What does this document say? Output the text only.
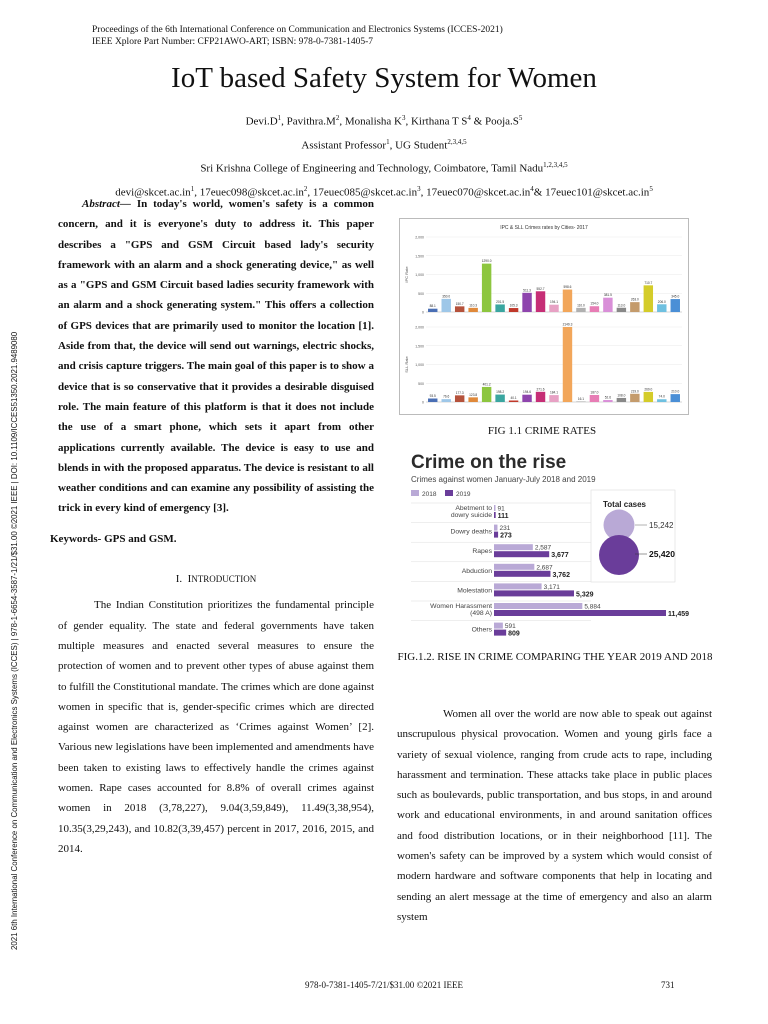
Proceedings of the 6th International Conference on Communication and Electronics Systems (ICCES-2021)
IEEE Xplore Part Number: CFP21AWO-ART; ISBN: 978-0-7381-1405-7
2021 6th International Conference on Communication and Electronics Systems (ICCES) | 978-1-6654-3587-1/21/$31.00 ©2021 IEEE | DOI: 10.1109/ICCES51350.2021.9489080
IoT based Safety System for Women
$Devi.D^1$, $Pavithra.M^2$, Monalisha $K^3$, Kirthana T $S^4$ & $Pooja.S^5$
Assistant Professor$^1$, UG Student$^{2,3,4,5}$
Sri Krishna College of Engineering and Technology, Coimbatore, Tamil Nadu$^{1,2,3,4,5}$
$devi@skcet.ac.in^1$, $17euec098@skcet.ac.in^2$, $17euec085@skcet.ac.in^3$, $17euec070@skcet.ac.in^4\&$ $17euec101@skcet.ac.in^5$

Abstract— In today's world, women's safety is a common concern, and it is everyone's duty to address it. This paper describes a "GPS and GSM Circuit based lady's security framework with an alarm and a shock generating device," as well as a "GPS and GSM Circuit based ladies security framework with an alarm and a shock generating system." This offers a collection of GPS devices that are primarily used to monitor the location [1]. Aside from that, the device will send out warnings, electric shocks, and crisis capture triggers. The main goal of this paper is to show a device that is so conservative that it provides a desirable disguised role. The main feature of this platform is that it does not include the use of a smart phone, which sets it apart from other applications currently available. The device is easy to use and blends in with the proposed apparatus. The device is resistant to all weather conditions and can examine any possibility of assisting the trick in every kind of emergency [3].

Keywords- GPS and GSM.
I. INTRODUCTION

The Indian Constitution prioritizes the fundamental principle of gender equality. The state and federal governments have taken multiple measures and enacted several measures to ensure the protection of women and to prevent other types of abuse against them to fulfill the Constitutional mandate. The crimes which are done against women in specific that is, gender-specific crimes which are directed against women are characterized as ‘Crimes against Women’ [2]. Various new legislations have been implemented and amendments have been taken to existing laws to effectively handle the crimes against women. Rape cases accounted for 8.8% of overall crimes against women in 2018 (3,78,227), 9.04(3,59,849), 11.49(3,38,954), 10.35(3,29,243), and 10.82(3,39,457) percent in 2017, 2016, 2015, and 2014.

IPC & SLL Crimes rates by Cities- 2017
0
500
1,000
1,500
2,000
IPC Rate
88.1
350.0
150.7 110.3
1290.0
201.5
105.3
511.3 552.7
194.1
598.6
110.0 154.0
381.5
113.0
263.0
710.7
206.0
345.0
0
500
1,000
1,500
2,000
SLL Rate
93.5 76.6
177.3
123.8
401.2
198.2
40.1
194.6
271.6
184.1
2149.3
16.1
187.0
52.6
108.0
219.0 269.0
74.0
210.0
FIG 1.1 CRIME RATES
Crime on the rise
Crimes against women January-July 2018 and 2019
2018	2019
Abetment to
dowry suicide
91
111
Dowry deaths 231
273
Rapes	2,587
3,677
Abduction	2,687
3,762
Molestation	3,171
5,329
Women Harassment
(498 A)
5,884
11,459
Others 591
809
Total cases
15,242
25,420
FIG.1.2. RISE IN CRIME COMPARING THE YEAR 2019 AND 2018

Women all over the world are now able to speak out against unscrupulous physical provocation. Women and young girls face a variety of sexual violence, ranging from crude acts to rape, including harassment and termination. These attacks take place in public places such as boulevards, public transportation, and bus stops, in and around work and educational environments, in and around sanitation offices and food distribution locations, or in their neighborhood [11]. The women's safety can be improved by a system which would consist of modern hardware and software components that help in locating and sending an alert message at the time of emergency and also an alarm system

978-0-7381-1405-7/21/$31.00 ©2021 IEEE	731
